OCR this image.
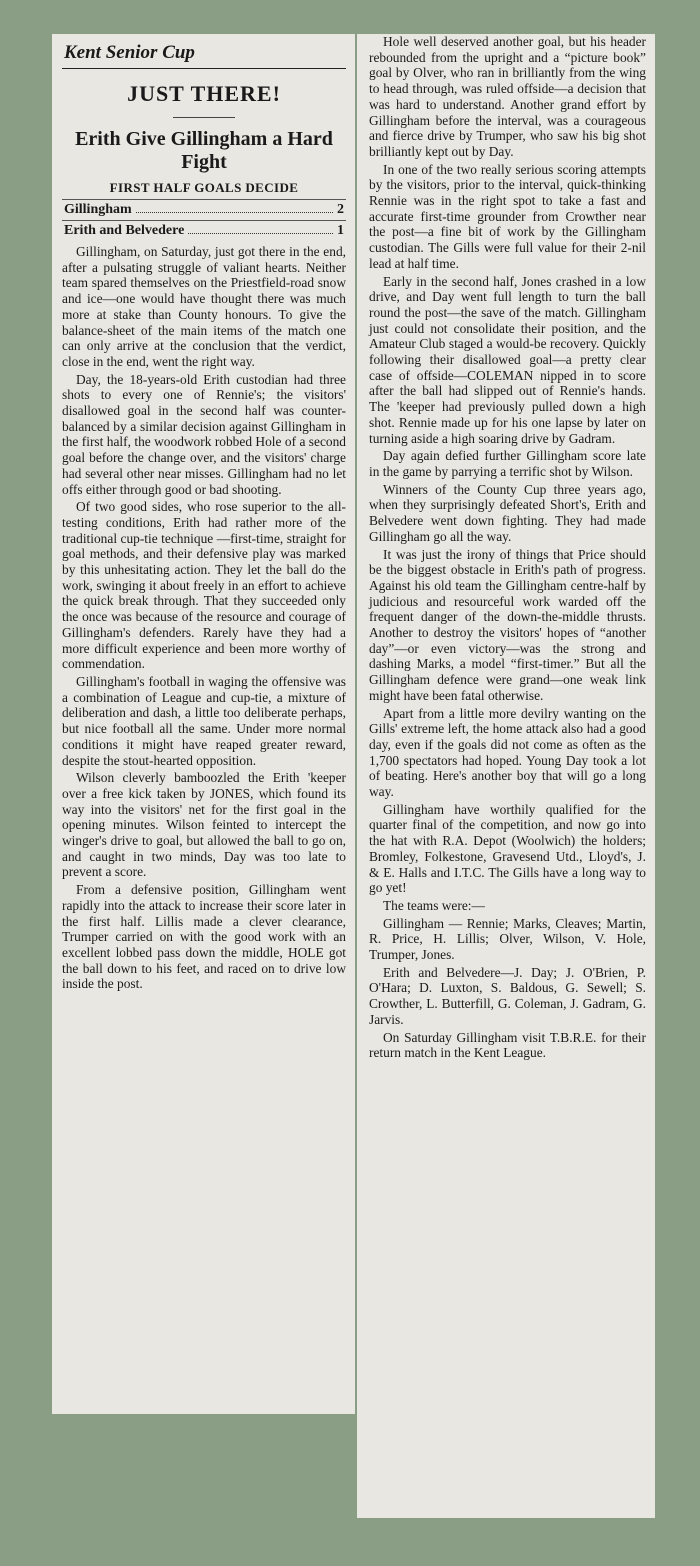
Kent Senior Cup
JUST THERE!
Erith Give Gillingham a Hard Fight
FIRST HALF GOALS DECIDE
Gillingham	2
Erith and Belvedere	1

Gillingham, on Saturday, just got there in the end, after a pulsating struggle of valiant hearts. Neither team spared themselves on the Priestfield-road snow and ice—one would have thought there was much more at stake than County honours. To give the balance-sheet of the main items of the match one can only arrive at the conclusion that the verdict, close in the end, went the right way.

Day, the 18-years-old Erith custodian had three shots to every one of Rennie's; the visitors' disallowed goal in the second half was counter-balanced by a similar decision against Gillingham in the first half, the woodwork robbed Hole of a second goal before the change over, and the visitors' charge had several other near misses. Gillingham had no let offs either through good or bad shooting.

Of two good sides, who rose superior to the all-testing conditions, Erith had rather more of the traditional cup-tie technique —first-time, straight for goal methods, and their defensive play was marked by this unhesitating action. They let the ball do the work, swinging it about freely in an effort to achieve the quick break through. That they succeeded only the once was because of the resource and courage of Gillingham's defenders. Rarely have they had a more difficult experience and been more worthy of commendation.

Gillingham's football in waging the offensive was a combination of League and cup-tie, a mixture of deliberation and dash, a little too deliberate perhaps, but nice football all the same. Under more normal conditions it might have reaped greater reward, despite the stout-hearted opposition.

Wilson cleverly bamboozled the Erith 'keeper over a free kick taken by JONES, which found its way into the visitors' net for the first goal in the opening minutes. Wilson feinted to intercept the winger's drive to goal, but allowed the ball to go on, and caught in two minds, Day was too late to prevent a score.

From a defensive position, Gillingham went rapidly into the attack to increase their score later in the first half. Lillis made a clever clearance, Trumper carried on with the good work with an excellent lobbed pass down the middle, HOLE got the ball down to his feet, and raced on to drive low inside the post.

Hole well deserved another goal, but his header rebounded from the upright and a “picture book” goal by Olver, who ran in brilliantly from the wing to head through, was ruled offside—a decision that was hard to understand. Another grand effort by Gillingham before the interval, was a courageous and fierce drive by Trumper, who saw his big shot brilliantly kept out by Day.

In one of the two really serious scoring attempts by the visitors, prior to the interval, quick-thinking Rennie was in the right spot to take a fast and accurate first-time grounder from Crowther near the post—a fine bit of work by the Gillingham custodian. The Gills were full value for their 2-nil lead at half time.

Early in the second half, Jones crashed in a low drive, and Day went full length to turn the ball round the post—the save of the match. Gillingham just could not consolidate their position, and the Amateur Club staged a would-be recovery. Quickly following their disallowed goal—a pretty clear case of offside—COLEMAN nipped in to score after the ball had slipped out of Rennie's hands. The 'keeper had previously pulled down a high shot. Rennie made up for his one lapse by later on turning aside a high soaring drive by Gadram.

Day again defied further Gillingham score late in the game by parrying a terrific shot by Wilson.

Winners of the County Cup three years ago, when they surprisingly defeated Short's, Erith and Belvedere went down fighting. They had made Gillingham go all the way.

It was just the irony of things that Price should be the biggest obstacle in Erith's path of progress. Against his old team the Gillingham centre-half by judicious and resourceful work warded off the frequent danger of the down-the-middle thrusts. Another to destroy the visitors' hopes of “another day”—or even victory—was the strong and dashing Marks, a model “first-timer.” But all the Gillingham defence were grand—one weak link might have been fatal otherwise.

Apart from a little more devilry wanting on the Gills' extreme left, the home attack also had a good day, even if the goals did not come as often as the 1,700 spectators had hoped. Young Day took a lot of beating. Here's another boy that will go a long way.

Gillingham have worthily qualified for the quarter final of the competition, and now go into the hat with R.A. Depot (Woolwich) the holders; Bromley, Folkestone, Gravesend Utd., Lloyd's, J. & E. Halls and I.T.C. The Gills have a long way to go yet!

The teams were:—

Gillingham — Rennie; Marks, Cleaves; Martin, R. Price, H. Lillis; Olver, Wilson, V. Hole, Trumper, Jones.

Erith and Belvedere—J. Day; J. O'Brien, P. O'Hara; D. Luxton, S. Baldous, G. Sewell; S. Crowther, L. Butterfill, G. Coleman, J. Gadram, G. Jarvis.

On Saturday Gillingham visit T.B.R.E. for their return match in the Kent League.
